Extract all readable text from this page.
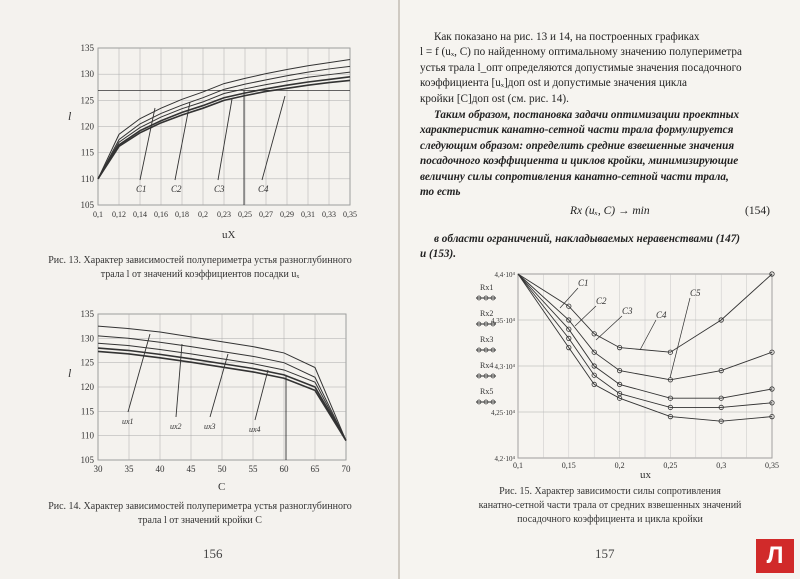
105
110
115
120
125
130
135
0,1 0,12 0,14 0,16 0,18 0,2 0,23 0,25 0,27 0,29 0,31 0,33 0,35
C1	C2	C3	C4
l
uX
Рис. 13. Характер зависимостей полупериметра устья разноглубинного
трала l от значений коэффициентов посадки uₓ
105
110
115
120
125
130
135
30 35 40 45 50 55 60 65 70
ux1
ux2	ux3	ux4
l
C
Рис. 14. Характер зависимостей полупериметра устья разноглубинного
трала l от значений кройки C
156
Как показано на рис. 13 и 14, на построенных графиках
l = f (uₓ, C) по найденному оптимальному значению полупериметра
устья трала l_опт определяются допустимые значения посадочного
коэффициента [uₓ]доп ost и допустимые значения цикла
кройки [C]доп ost (см. рис. 14).
Таким образом, постановка задачи оптимизации проектных
характеристик канатно-сетной части трала формулируется
следующим образом: определить средние взвешенные значения
посадочного коэффициента и циклов кройки, минимизирующие
величину силы сопротивления канатно-сетной части трала,
то есть
Rx (uₓ, C) → min	(154)
в области ограничений, накладываемых неравенствами (147)
и (153).
4,2·10⁴
4,25·10⁴
4,3·10⁴
4,35·10⁴
4,4·10⁴
0,1	0,15	0,2	0,25	0,3	0,35
C1
C2
C3	C4
C5
Rx1
Rx2
Rx3
Rx4
Rx5
ux
Рис. 15. Характер зависимости силы сопротивления
канатно-сетной части трала от средних взвешенных значений
посадочного коэффициента и цикла кройки
157	Л
